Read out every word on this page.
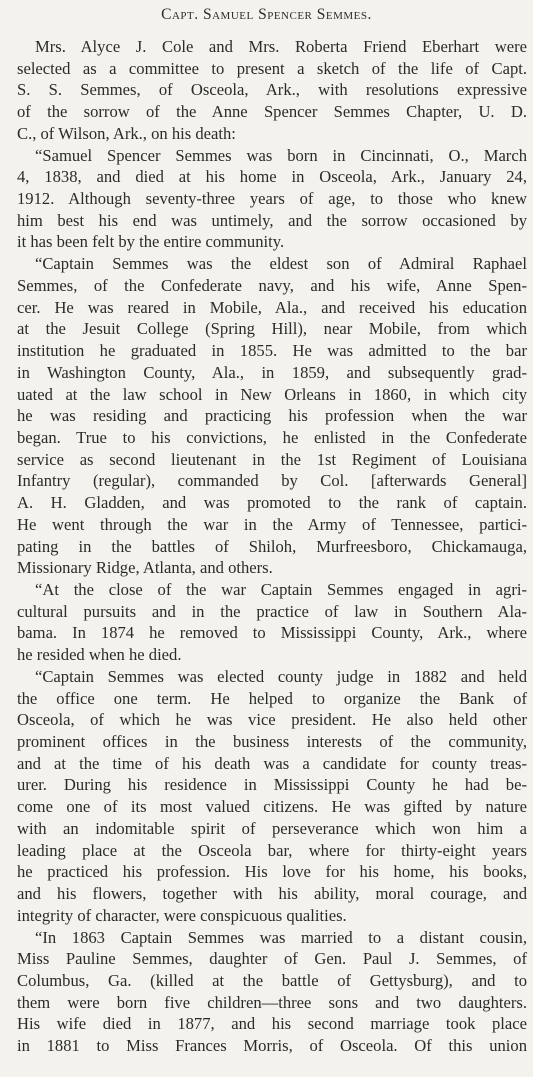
Capt. Samuel Spencer Semmes.
Mrs. Alyce J. Cole and Mrs. Roberta Friend Eberhart were
selected as a committee to present a sketch of the life of Capt.
S. S. Semmes, of Osceola, Ark., with resolutions expressive
of the sorrow of the Anne Spencer Semmes Chapter, U. D.
C., of Wilson, Ark., on his death:
“Samuel Spencer Semmes was born in Cincinnati, O., March
4, 1838, and died at his home in Osceola, Ark., January 24,
1912. Although seventy-three years of age, to those who knew
him best his end was untimely, and the sorrow occasioned by
it has been felt by the entire community.
“Captain Semmes was the eldest son of Admiral Raphael
Semmes, of the Confederate navy, and his wife, Anne Spen-
cer. He was reared in Mobile, Ala., and received his education
at the Jesuit College (Spring Hill), near Mobile, from which
institution he graduated in 1855. He was admitted to the bar
in Washington County, Ala., in 1859, and subsequently grad-
uated at the law school in New Orleans in 1860, in which city
he was residing and practicing his profession when the war
began. True to his convictions, he enlisted in the Confederate
service as second lieutenant in the 1st Regiment of Louisiana
Infantry (regular), commanded by Col. [afterwards General]
A. H. Gladden, and was promoted to the rank of captain.
He went through the war in the Army of Tennessee, partici-
pating in the battles of Shiloh, Murfreesboro, Chickamauga,
Missionary Ridge, Atlanta, and others.
“At the close of the war Captain Semmes engaged in agri-
cultural pursuits and in the practice of law in Southern Ala-
bama. In 1874 he removed to Mississippi County, Ark., where
he resided when he died.
“Captain Semmes was elected county judge in 1882 and held
the office one term. He helped to organize the Bank of
Osceola, of which he was vice president. He also held other
prominent offices in the business interests of the community,
and at the time of his death was a candidate for county treas-
urer. During his residence in Mississippi County he had be-
come one of its most valued citizens. He was gifted by nature
with an indomitable spirit of perseverance which won him a
leading place at the Osceola bar, where for thirty-eight years
he practiced his profession. His love for his home, his books,
and his flowers, together with his ability, moral courage, and
integrity of character, were conspicuous qualities.
“In 1863 Captain Semmes was married to a distant cousin,
Miss Pauline Semmes, daughter of Gen. Paul J. Semmes, of
Columbus, Ga. (killed at the battle of Gettysburg), and to
them were born five children—three sons and two daughters.
His wife died in 1877, and his second marriage took place
in 1881 to Miss Frances Morris, of Osceola. Of this union
